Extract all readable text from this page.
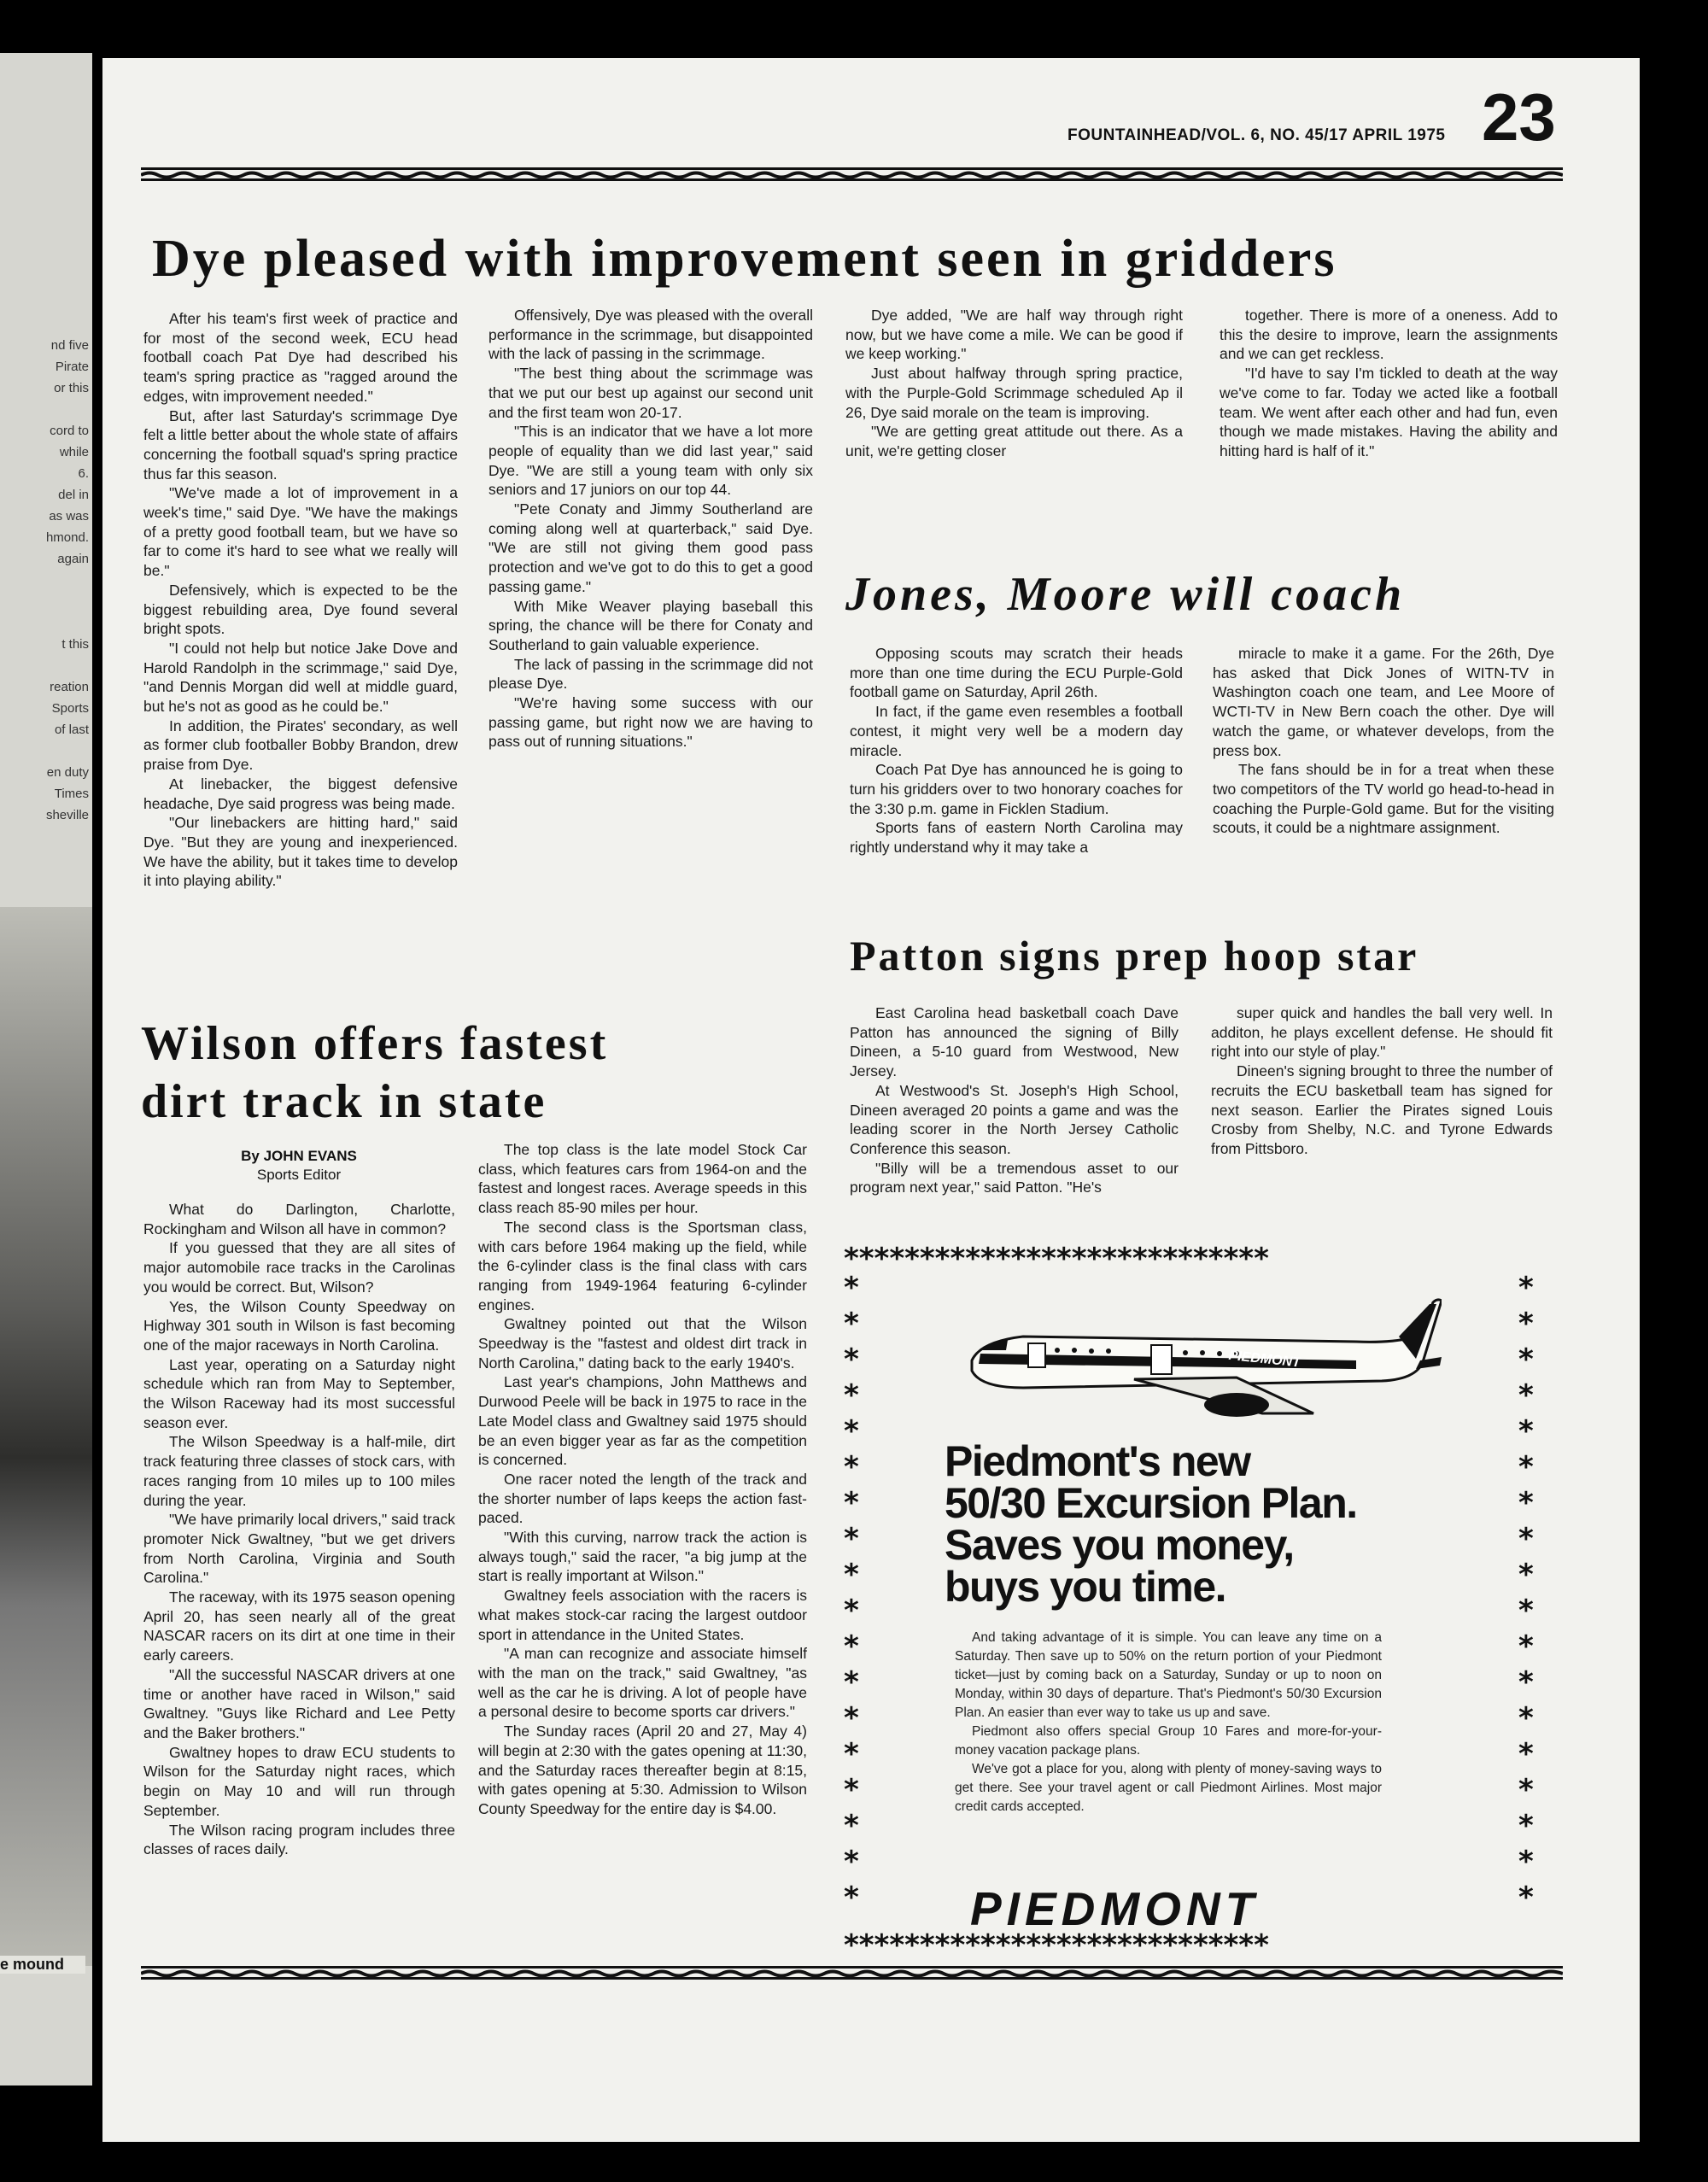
nd five
Pirate
or this
cord to
while
6.
del in
as was
hmond.
again
t this
reation
Sports
of last
en duty
Times
sheville
e mound
FOUNTAINHEAD/VOL. 6, NO. 45/17 APRIL 1975 23
Dye pleased with improvement seen in gridders

After his team's first week of practice and for most of the second week, ECU head football coach Pat Dye had described his team's spring practice as "ragged around the edges, witn improvement needed."

But, after last Saturday's scrimmage Dye felt a little better about the whole state of affairs concerning the football squad's spring practice thus far this season.

"We've made a lot of improvement in a week's time," said Dye. "We have the makings of a pretty good football team, but we have so far to come it's hard to see what we really will be."

Defensively, which is expected to be the biggest rebuilding area, Dye found several bright spots.

"I could not help but notice Jake Dove and Harold Randolph in the scrimmage," said Dye, "and Dennis Morgan did well at middle guard, but he's not as good as he could be."

In addition, the Pirates' secondary, as well as former club footballer Bobby Brandon, drew praise from Dye.

At linebacker, the biggest defensive headache, Dye said progress was being made.

"Our linebackers are hitting hard," said Dye. "But they are young and inexperienced. We have the ability, but it takes time to develop it into playing ability."

Offensively, Dye was pleased with the overall performance in the scrimmage, but disappointed with the lack of passing in the scrimmage.

"The best thing about the scrimmage was that we put our best up against our second unit and the first team won 20-17.

"This is an indicator that we have a lot more people of equality than we did last year," said Dye. "We are still a young team with only six seniors and 17 juniors on our top 44.

"Pete Conaty and Jimmy Southerland are coming along well at quarterback," said Dye. "We are still not giving them good pass protection and we've got to do this to get a good passing game."

With Mike Weaver playing baseball this spring, the chance will be there for Conaty and Southerland to gain valuable experience.

The lack of passing in the scrimmage did not please Dye.

"We're having some success with our passing game, but right now we are having to pass out of running situations."

Dye added, "We are half way through right now, but we have come a mile. We can be good if we keep working."

Just about halfway through spring practice, with the Purple-Gold Scrimmage scheduled Ap il 26, Dye said morale on the team is improving.

"We are getting great attitude out there. As a unit, we're getting closer

together. There is more of a oneness. Add to this the desire to improve, learn the assignments and we can get reckless.

"I'd have to say I'm tickled to death at the way we've come to far. Today we acted like a football team. We went after each other and had fun, even though we made mistakes. Having the ability and hitting hard is half of it."

Jones, Moore will coach

Opposing scouts may scratch their heads more than one time during the ECU Purple-Gold football game on Saturday, April 26th.

In fact, if the game even resembles a football contest, it might very well be a modern day miracle.

Coach Pat Dye has announced he is going to turn his gridders over to two honorary coaches for the 3:30 p.m. game in Ficklen Stadium.

Sports fans of eastern North Carolina may rightly understand why it may take a

miracle to make it a game. For the 26th, Dye has asked that Dick Jones of WITN-TV in Washington coach one team, and Lee Moore of WCTI-TV in New Bern coach the other. Dye will watch the game, or whatever develops, from the press box.

The fans should be in for a treat when these two competitors of the TV world go head-to-head in coaching the Purple-Gold game. But for the visiting scouts, it could be a nightmare assignment.

Patton signs prep hoop star

East Carolina head basketball coach Dave Patton has announced the signing of Billy Dineen, a 5-10 guard from Westwood, New Jersey.

At Westwood's St. Joseph's High School, Dineen averaged 20 points a game and was the leading scorer in the North Jersey Catholic Conference this season.

"Billy will be a tremendous asset to our program next year," said Patton. "He's

super quick and handles the ball very well. In additon, he plays excellent defense. He should fit right into our style of play."

Dineen's signing brought to three the number of recruits the ECU basketball team has signed for next season. Earlier the Pirates signed Louis Crosby from Shelby, N.C. and Tyrone Edwards from Pittsboro.

Wilson offers fastest
dirt track in state
By JOHN EVANS
Sports Editor

What do Darlington, Charlotte, Rockingham and Wilson all have in common?

If you guessed that they are all sites of major automobile race tracks in the Carolinas you would be correct. But, Wilson?

Yes, the Wilson County Speedway on Highway 301 south in Wilson is fast becoming one of the major raceways in North Carolina.

Last year, operating on a Saturday night schedule which ran from May to September, the Wilson Raceway had its most successful season ever.

The Wilson Speedway is a half-mile, dirt track featuring three classes of stock cars, with races ranging from 10 miles up to 100 miles during the year.

"We have primarily local drivers," said track promoter Nick Gwaltney, "but we get drivers from North Carolina, Virginia and South Carolina."

The raceway, with its 1975 season opening April 20, has seen nearly all of the great NASCAR racers on its dirt at one time in their early careers.

"All the successful NASCAR drivers at one time or another have raced in Wilson," said Gwaltney. "Guys like Richard and Lee Petty and the Baker brothers."

Gwaltney hopes to draw ECU students to Wilson for the Saturday night races, which begin on May 10 and will run through September.

The Wilson racing program includes three classes of races daily.

The top class is the late model Stock Car class, which features cars from 1964-on and the fastest and longest races. Average speeds in this class reach 85-90 miles per hour.

The second class is the Sportsman class, with cars before 1964 making up the field, while the 6-cylinder class is the final class with cars ranging from 1949-1964 featuring 6-cylinder engines.

Gwaltney pointed out that the Wilson Speedway is the "fastest and oldest dirt track in North Carolina," dating back to the early 1940's.

Last year's champions, John Matthews and Durwood Peele will be back in 1975 to race in the Late Model class and Gwaltney said 1975 should be an even bigger year as far as the competition is concerned.

One racer noted the length of the track and the shorter number of laps keeps the action fast-paced.

"With this curving, narrow track the action is always tough," said the racer, "a big jump at the start is really important at Wilson."

Gwaltney feels association with the racers is what makes stock-car racing the largest outdoor sport in attendance in the United States.

"A man can recognize and associate himself with the man on the track," said Gwaltney, "as well as the car he is driving. A lot of people have a personal desire to become sports car drivers."

The Sunday races (April 20 and 27, May 4) will begin at 2:30 with the gates opening at 11:30, and the Saturday races thereafter begin at 8:15, with gates opening at 5:30. Admission to Wilson County Speedway for the entire day is $4.00.

****************************
****************************
******************
******************
PIEDMONT
Piedmont's new
50/30 Excursion Plan.
Saves you money,
buys you time.

And taking advantage of it is simple. You can leave any time on a Saturday. Then save up to 50% on the return portion of your Piedmont ticket—just by coming back on a Saturday, Sunday or up to noon on Monday, within 30 days of departure. That's Piedmont's 50/30 Excursion Plan. An easier than ever way to take us up and save.

Piedmont also offers special Group 10 Fares and more-for-your-money vacation package plans.

We've got a place for you, along with plenty of money-saving ways to get there. See your travel agent or call Piedmont Airlines. Most major credit cards accepted.

PIEDMONT
